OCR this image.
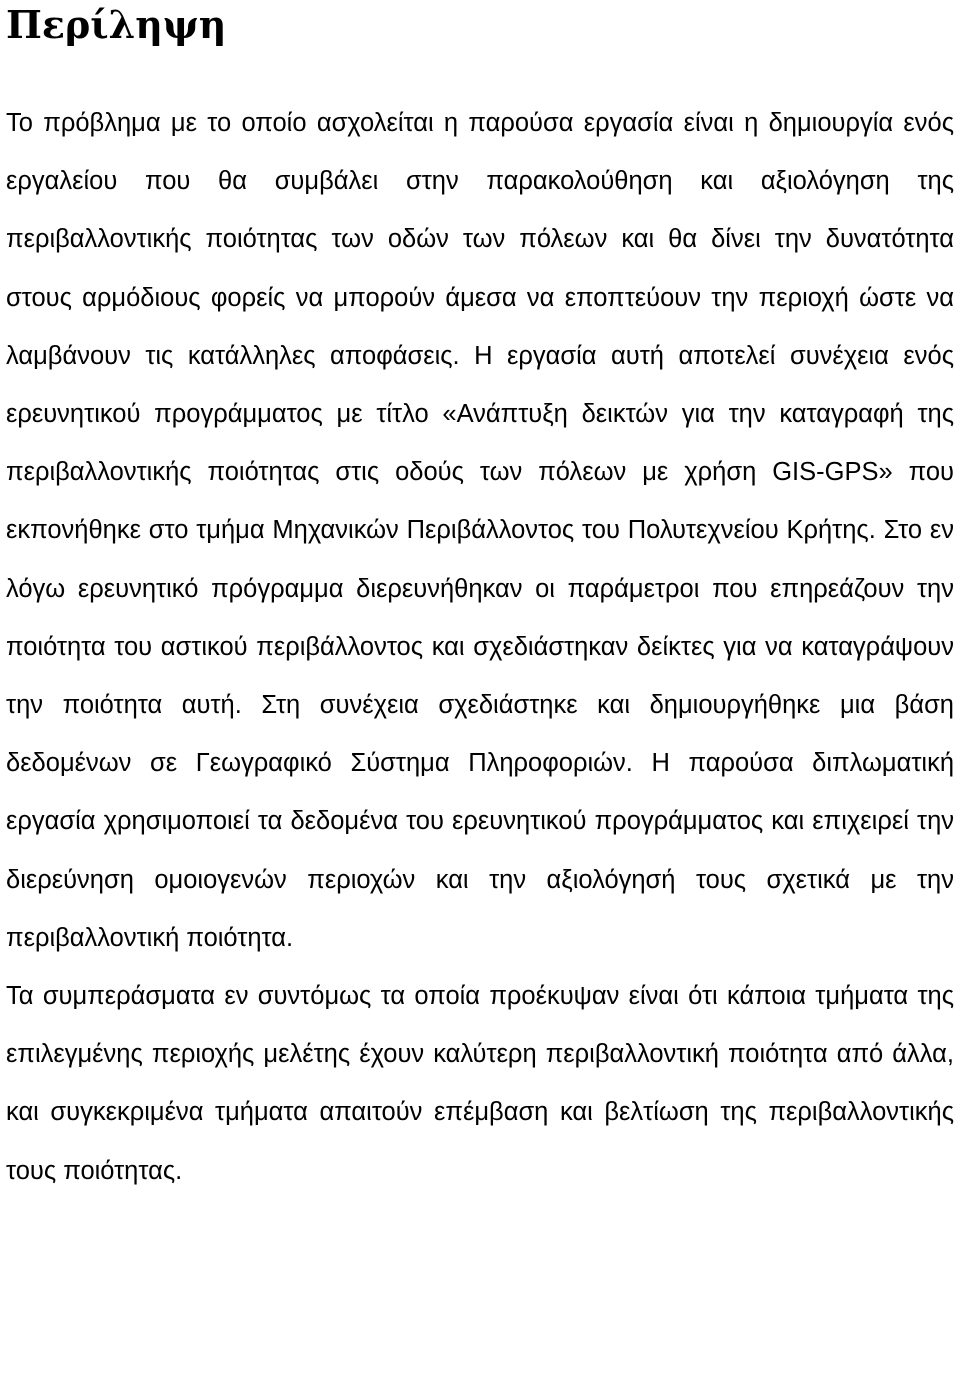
Περίληψη

Το πρόβλημα με το οποίο ασχολείται η παρούσα εργασία είναι η δημιουργία ενός εργαλείου που θα συμβάλει στην παρακολούθηση και αξιολόγηση της περιβαλλοντικής ποιότητας των οδών των πόλεων και θα δίνει την δυνατότητα στους αρμόδιους φορείς να μπορούν άμεσα να εποπτεύουν την περιοχή ώστε να λαμβάνουν τις κατάλληλες αποφάσεις. Η εργασία αυτή αποτελεί συνέχεια ενός ερευνητικού προγράμματος με τίτλο «Ανάπτυξη δεικτών για την καταγραφή της περιβαλλοντικής ποιότητας στις οδούς των πόλεων με χρήση GIS-GPS» που εκπονήθηκε στο τμήμα Μηχανικών Περιβάλλοντος του Πολυτεχνείου Κρήτης. Στο εν λόγω ερευνητικό πρόγραμμα διερευνήθηκαν οι παράμετροι που επηρεάζουν την ποιότητα του αστικού περιβάλλοντος και σχεδιάστηκαν δείκτες για να καταγράψουν την ποιότητα αυτή. Στη συνέχεια σχεδιάστηκε και δημιουργήθηκε μια βάση δεδομένων σε Γεωγραφικό Σύστημα Πληροφοριών. Η παρούσα διπλωματική εργασία χρησιμοποιεί τα δεδομένα του ερευνητικού προγράμματος και επιχειρεί την διερεύνηση ομοιογενών περιοχών και την αξιολόγησή τους σχετικά με την περιβαλλοντική ποιότητα.

Τα συμπεράσματα εν συντόμως τα οποία προέκυψαν είναι ότι κάποια τμήματα της επιλεγμένης περιοχής μελέτης έχουν καλύτερη περιβαλλοντική ποιότητα από άλλα, και συγκεκριμένα τμήματα απαιτούν επέμβαση και βελτίωση της περιβαλλοντικής τους ποιότητας.
